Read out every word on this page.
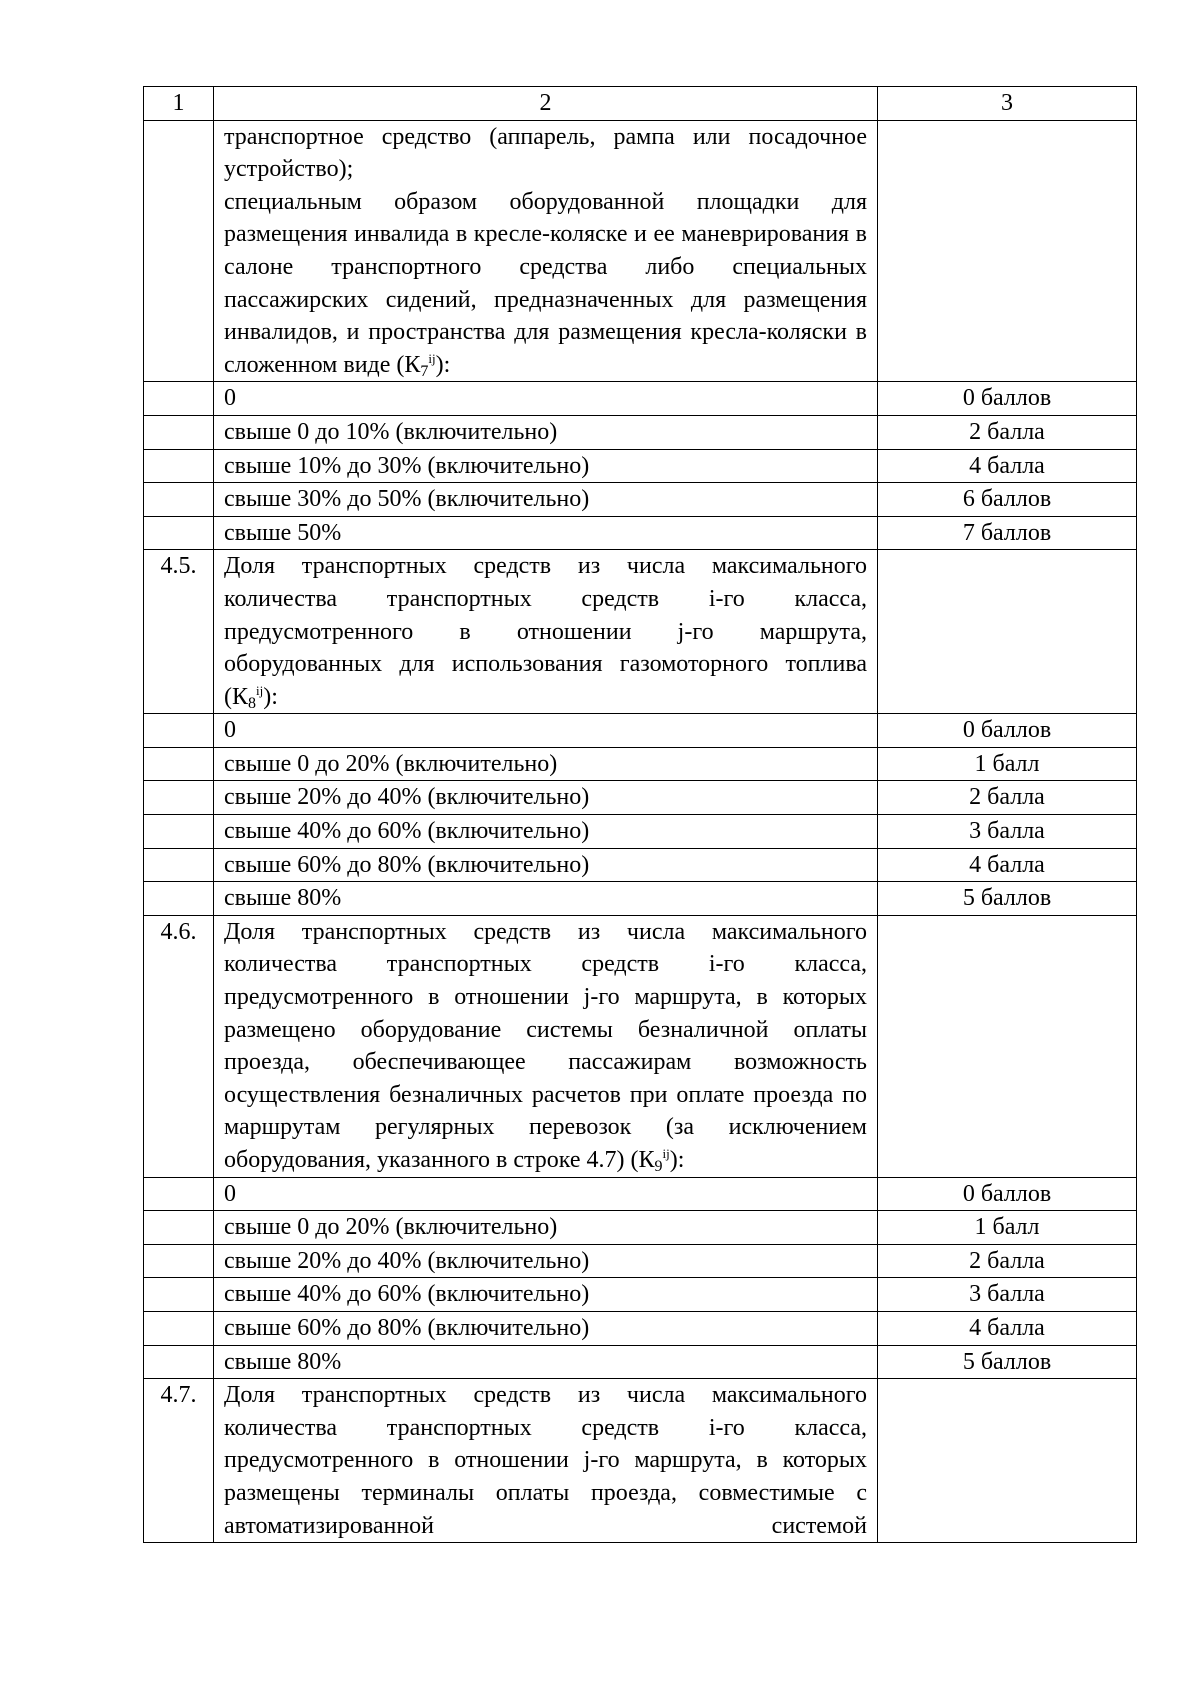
1	2	3

	транспортное средство (аппарель, рампа или посадочное устройство);
специальным образом оборудованной площадки для размещения инвалида в кресле-коляске и ее маневрирования в салоне транспортного средства либо специальных пассажирских сидений, предназначенных для размещения инвалидов, и пространства для размещения кресла-коляски в сложенном виде $(К_7^{ij})$:	

	0	0 баллов
	свыше 0 до 10% (включительно)	2 балла
	свыше 10% до 30% (включительно)	4 балла
	свыше 30% до 50% (включительно)	6 баллов
	свыше 50%	7 баллов
4.5.	Доля транспортных средств из числа максимального количества транспортных средств i-го класса, предусмотренного в отношении j-го маршрута, оборудованных для использования газомоторного топлива $(К_8^{ij})$:	

	0	0 баллов
	свыше 0 до 20% (включительно)	1 балл
	свыше 20% до 40% (включительно)	2 балла
	свыше 40% до 60% (включительно)	3 балла
	свыше 60% до 80% (включительно)	4 балла
	свыше 80%	5 баллов
4.6.	Доля транспортных средств из числа максимального количества транспортных средств i-го класса, предусмотренного в отношении j-го маршрута, в которых размещено оборудование системы безналичной оплаты проезда, обеспечивающее пассажирам возможность осуществления безналичных расчетов при оплате проезда по маршрутам регулярных перевозок (за исключением оборудования, указанного в строке 4.7) $(К_9^{ij})$:	

	0	0 баллов
	свыше 0 до 20% (включительно)	1 балл
	свыше 20% до 40% (включительно)	2 балла
	свыше 40% до 60% (включительно)	3 балла
	свыше 60% до 80% (включительно)	4 балла
	свыше 80%	5 баллов
4.7.	Доля транспортных средств из числа максимального количества транспортных средств i-го класса, предусмотренного в отношении j-го маршрута, в которых размещены терминалы оплаты проезда, совместимые с автоматизированной системой	
